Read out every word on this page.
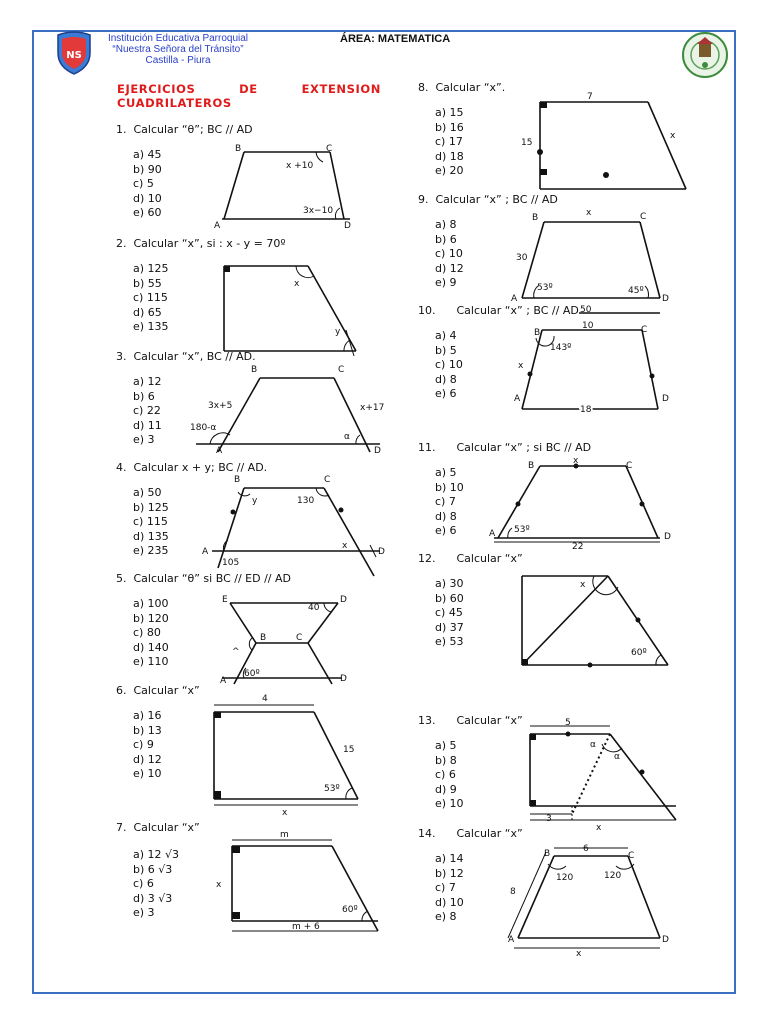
NS
Institución Educativa Parroquial
“Nuestra Señora del Tránsito”
Castilla - Piura
ÁREA: MATEMATICA
EJERCICIOS DE EXTENSION
CUADRILATEROS
1. Calcular “θ”; BC // AD
a) 45
b) 90
c) 5
d) 10
e) 60
B	C
A	D
x +10
3x−10
2. Calcular “x”, si : x - y = 70º
a) 125
b) 55
c) 115
d) 65
e) 135
x
y
3. Calcular “x”, BC // AD.
a) 12
b) 6
c) 22
d) 11
e) 3
B	C
A	D
3x+5	x+17
180-α
α
4. Calcular x + y; BC // AD.
a) 50
b) 125
c) 115
d) 135
e) 235
B	C
A	D
y	130
105
x
5. Calcular “θ” si BC // ED // AD
a) 100
b) 120
c) 80
d) 140
e) 110
E	D
B	C
A	D
40
60º
^
6. Calcular “x”
a) 16
b) 13
c) 9
d) 12
e) 10
4
15
53º
x
7. Calcular “x”
a) 12 √3
b) 6 √3
c) 6
d) 3 √3
e) 3
m
x
60º
m + 6
8. Calcular “x”.
a) 15
b) 16
c) 17
d) 18
e) 20
7
15
x
9. Calcular “x” ; BC // AD
a) 8
b) 6
c) 10
d) 12
e) 9
B	C
A	D
x
30
53º	45º
50
10. Calcular “x” ; BC // AD
a) 4
b) 5
c) 10
d) 8
e) 6
B	C
A	D
10
143º
x
18
11. Calcular “x” ; si BC // AD
a) 5
b) 10
c) 7
d) 8
e) 6
B	C
A	D
x
53º
22
12. Calcular “x”
a) 30
b) 60
c) 45
d) 37
e) 53
x
60º
13. Calcular “x”
a) 5
b) 8
c) 6
d) 9
e) 10
5
α
α
3
x
14. Calcular “x”
a) 14
b) 12
c) 7
d) 10
e) 8
B	C
A	D
6
8
120	120
x
